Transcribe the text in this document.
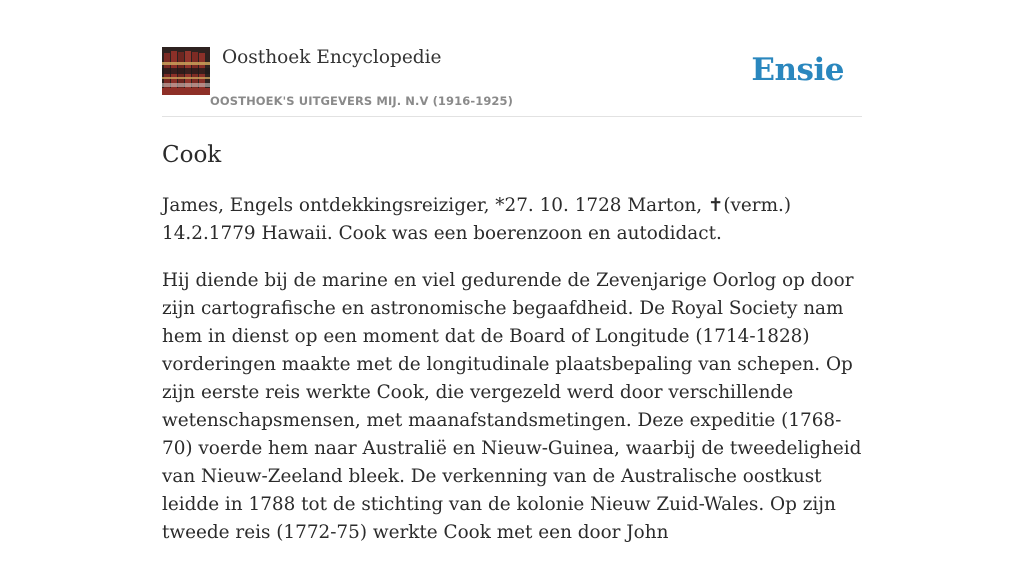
Oosthoek Encyclopedie
OOSTHOEK'S UITGEVERS MIJ. N.V (1916-1925)
Ensie
Cook

James, Engels ontdekkingsreiziger, *27. 10. 1728 Marton, ✝(verm.) 14.2.1779 Hawaii. Cook was een boerenzoon en autodidact.

Hij diende bij de marine en viel gedurende de Zevenjarige Oorlog op door zijn cartografische en astronomische begaafdheid. De Royal Society nam hem in dienst op een moment dat de Board of Longitude (1714-1828) vorderingen maakte met de longitudinale plaatsbepaling van schepen. Op zijn eerste reis werkte Cook, die vergezeld werd door verschillende wetenschapsmensen, met maanafstandsmetingen. Deze expeditie (1768-70) voerde hem naar Australië en Nieuw-Guinea, waarbij de tweedeligheid van Nieuw-Zeeland bleek. De verkenning van de Australische oostkust leidde in 1788 tot de stichting van de kolonie Nieuw Zuid-Wales. Op zijn tweede reis (1772-75) werkte Cook met een door John
